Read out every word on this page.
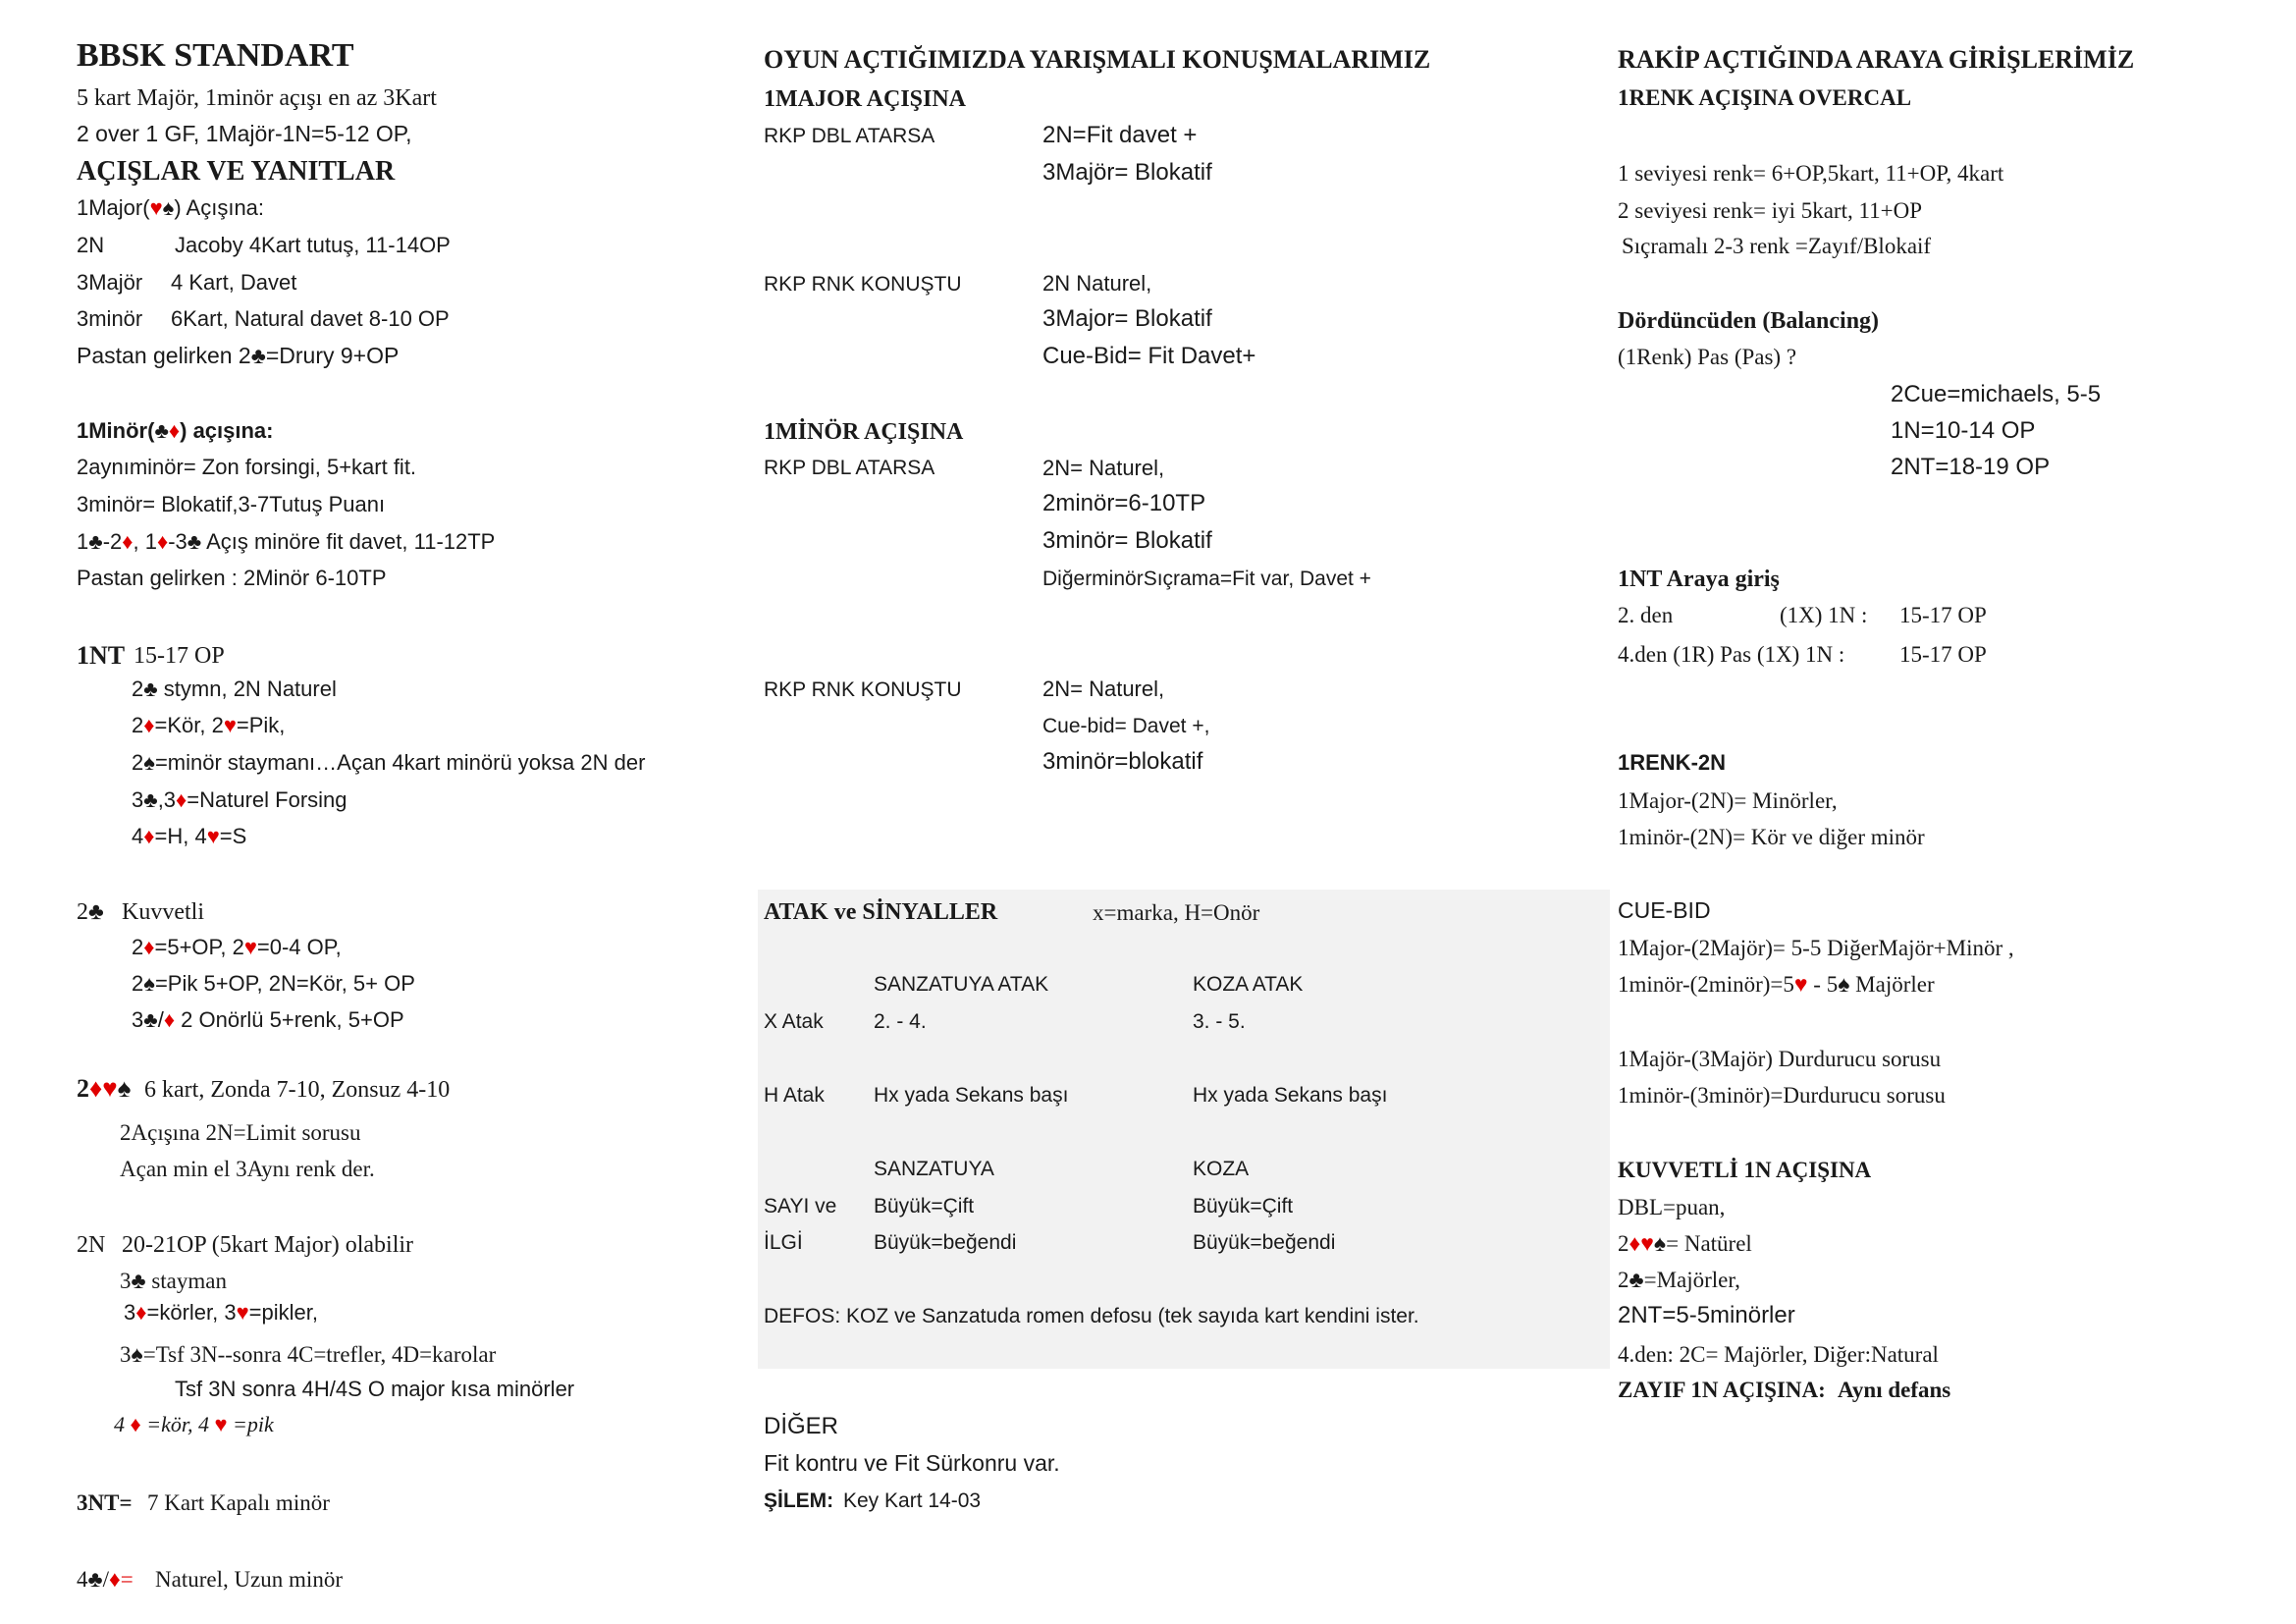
BBSK STANDART
5 kart Majör, 1minör açışı en az 3Kart
2 over 1 GF, 1Majör-1N=5-12 OP,
AÇIŞLAR VE YANITLAR
1Major(♥♠) Açışına:
2N	Jacoby 4Kart tutuş, 11-14OP
3Majör 4 Kart, Davet
3minör 6Kart, Natural davet 8-10 OP
Pastan gelirken 2♣=Drury 9+OP
1Minör(♣♦) açışına:
2aynıminör= Zon forsingi, 5+kart fit.
3minör= Blokatif,3-7Tutuş Puanı
1♣-2♦, 1♦-3♣ Açış minöre fit davet, 11-12TP
Pastan gelirken : 2Minör 6-10TP
1NT 15-17 OP
2♣ stymn, 2N Naturel
2♦=Kör, 2♥=Pik,
2♠=minör staymanı…Açan 4kart minörü yoksa 2N der
3♣,3♦=Naturel Forsing
4♦=H, 4♥=S
2♣ Kuvvetli
2♦=5+OP, 2♥=0-4 OP,
2♠=Pik 5+OP, 2N=Kör, 5+ OP
3♣/♦ 2 Onörlü 5+renk, 5+OP
2♦♥♠ 6 kart, Zonda 7-10, Zonsuz 4-10
2Açışına 2N=Limit sorusu
Açan min el 3Aynı renk der.
2N 20-21OP (5kart Major) olabilir
3♣ stayman
3♦=körler, 3♥=pikler,
3♠=Tsf 3N--sonra 4C=trefler, 4D=karolar
Tsf 3N sonra 4H/4S O major kısa minörler
4 ♦ =kör, 4 ♥ =pik
3NT= 7 Kart Kapalı minör
4♣/♦= Naturel, Uzun minör
OYUN AÇTIĞIMIZDA YARIŞMALI KONUŞMALARIMIZ
1MAJOR AÇIŞINA
RKP DBL ATARSA	2N=Fit davet +
3Majör= Blokatif
RKP RNK KONUŞTU	2N Naturel,
3Major= Blokatif
Cue-Bid= Fit Davet+
1MİNÖR AÇIŞINA
RKP DBL ATARSA	2N= Naturel,
2minör=6-10TP
3minör= Blokatif
DiğerminörSıçrama=Fit var, Davet +
RKP RNK KONUŞTU	2N= Naturel,
Cue-bid= Davet +,
3minör=blokatif
ATAK ve SİNYALLER	x=marka, H=Onör
SANZATUYA ATAK	KOZA ATAK
X Atak 2. - 4.	3. - 5.
H Atak Hx yada Sekans başı	Hx yada Sekans başı
SANZATUYA	KOZA
SAYI ve Büyük=Çift	Büyük=Çift
İLGİ	Büyük=beğendi	Büyük=beğendi
DEFOS: KOZ ve Sanzatuda romen defosu (tek sayıda kart kendini ister.
DİĞER
Fit kontru ve Fit Sürkonru var.
ŞİLEM: Key Kart 14-03
RAKİP AÇTIĞINDA ARAYA GİRİŞLERİMİZ
1RENK AÇIŞINA OVERCAL
1 seviyesi renk= 6+OP,5kart, 11+OP, 4kart
2 seviyesi renk= iyi 5kart, 11+OP
Sıçramalı 2-3 renk =Zayıf/Blokaif
Dördüncüden (Balancing)
(1Renk) Pas (Pas) ?
2Cue=michaels, 5-5
1N=10-14 OP
2NT=18-19 OP
1NT Araya giriş
2. den	(1X) 1N : 15-17 OP
4.den (1R) Pas (1X) 1N : 15-17 OP
1RENK-2N
1Major-(2N)= Minörler,
1minör-(2N)= Kör ve diğer minör
CUE-BID
1Major-(2Majör)= 5-5 DiğerMajör+Minör ,
1minör-(2minör)=5♥ - 5♠ Majörler
1Majör-(3Majör) Durdurucu sorusu
1minör-(3minör)=Durdurucu sorusu
KUVVETLİ 1N AÇIŞINA
DBL=puan,
2♦♥♠= Natürel
2♣=Majörler,
2NT=5-5minörler
4.den: 2C= Majörler, Diğer:Natural
ZAYIF 1N AÇIŞINA: Aynı defans
